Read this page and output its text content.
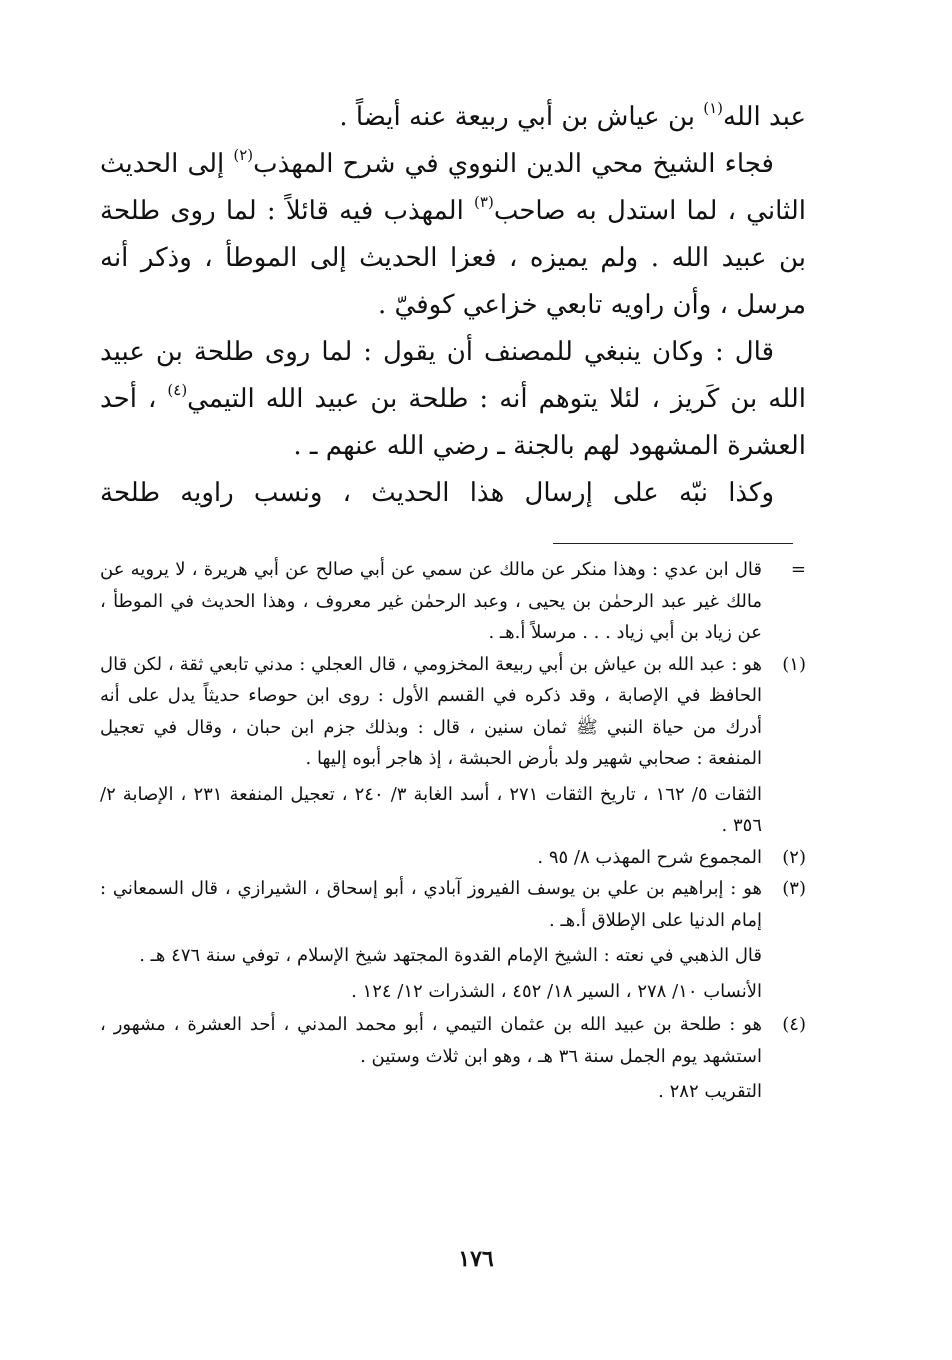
عبد الله$^{(١)}$ بن عياش بن أبي ربيعة عنه أيضاً .

فجاء الشيخ محي الدين النووي في شرح المهذب$^{(٢)}$ إلى الحديث الثاني ، لما استدل به صاحب$^{(٣)}$ المهذب فيه قائلاً : لما روى طلحة بن عبيد الله . ولم يميزه ، فعزا الحديث إلى الموطأ ، وذكر أنه مرسل ، وأن راويه تابعي خزاعي كوفيّ .

قال : وكان ينبغي للمصنف أن يقول : لما روى طلحة بن عبيد الله بن كَريز ، لئلا يتوهم أنه : طلحة بن عبيد الله التيمي$^{(٤)}$ ، أحد العشرة المشهود لهم بالجنة ـ رضي الله عنهم ـ .

وكذا نبّه على إرسال هذا الحديث ، ونسب راويه طلحة

=
قال ابن عدي : وهذا منكر عن مالك عن سمي عن أبي صالح عن أبي هريرة ، لا يرويه عن مالك غير عبد الرحمٰن بن يحيى ، وعبد الرحمٰن غير معروف ، وهذا الحديث في الموطأ ، عن زياد بن أبي زياد . . . مرسلاً أ.هـ .
(١)
هو : عبد الله بن عياش بن أبي ربيعة المخزومي ، قال العجلي : مدني تابعي ثقة ، لكن قال الحافظ في الإصابة ، وقد ذكره في القسم الأول : روى ابن حوصاء حديثاً يدل على أنه أدرك من حياة النبي ﷺ ثمان سنين ، قال : وبذلك جزم ابن حبان ، وقال في تعجيل المنفعة : صحابي شهير ولد بأرض الحبشة ، إذ هاجر أبوه إليها .
الثقات ٥/ ١٦٢ ، تاريخ الثقات ٢٧١ ، أسد الغابة ٣/ ٢٤٠ ، تعجيل المنفعة ٢٣١ ، الإصابة ٢/ ٣٥٦ .
(٢)
المجموع شرح المهذب ٨/ ٩٥ .
(٣)
هو : إبراهيم بن علي بن يوسف الفيروز آبادي ، أبو إسحاق ، الشيرازي ، قال السمعاني : إمام الدنيا على الإطلاق أ.هـ .
قال الذهبي في نعته : الشيخ الإمام القدوة المجتهد شيخ الإسلام ، توفي سنة ٤٧٦ هـ .
الأنساب ١٠/ ٢٧٨ ، السير ١٨/ ٤٥٢ ، الشذرات ١٢/ ١٢٤ .
(٤)
هو : طلحة بن عبيد الله بن عثمان التيمي ، أبو محمد المدني ، أحد العشرة ، مشهور ، استشهد يوم الجمل سنة ٣٦ هـ ، وهو ابن ثلاث وستين .
التقريب ٢٨٢ .
١٧٦
